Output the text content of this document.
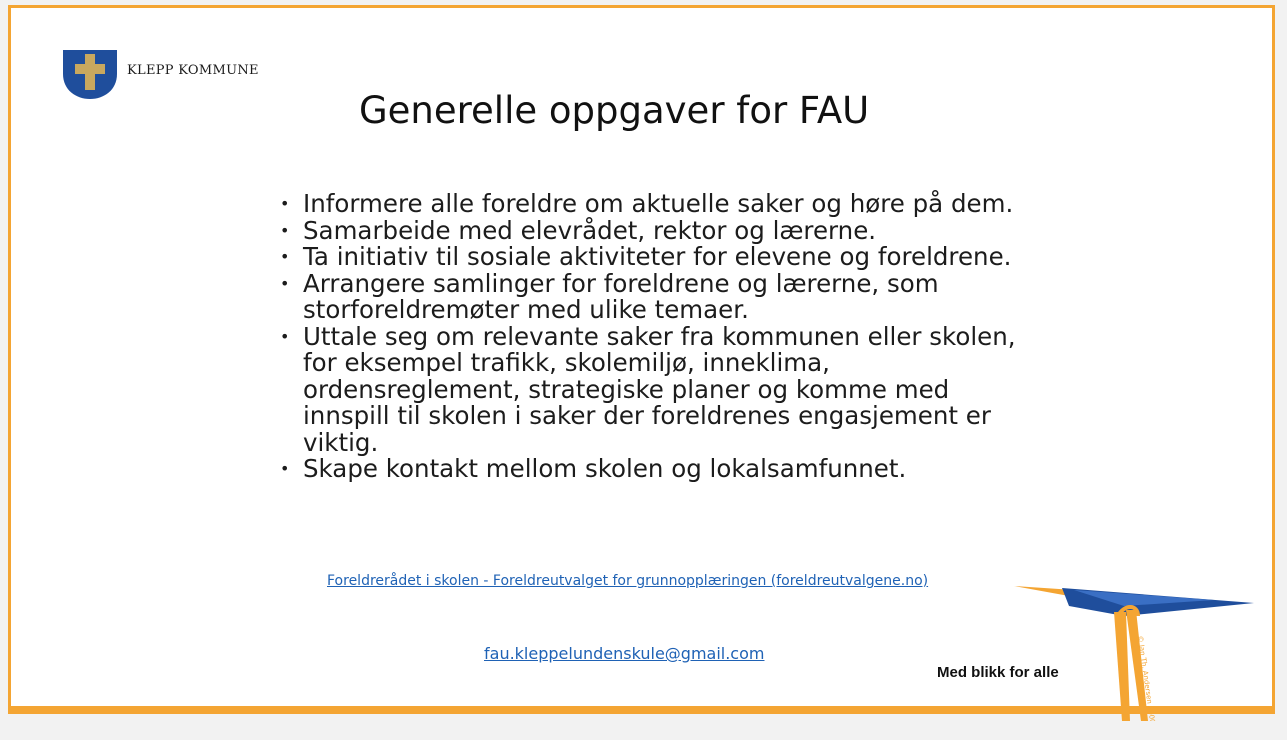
KLEPP KOMMUNE
Generelle oppgaver for FAU
• Informere alle foreldre om aktuelle saker og høre på dem.
• Samarbeide med elevrådet, rektor og lærerne.
• Ta initiativ til sosiale aktiviteter for elevene og foreldrene.
• Arrangere samlinger for foreldrene og lærerne, som storforeldremøter med ulike temaer.
• Uttale seg om relevante saker fra kommunen eller skolen, for eksempel trafikk, skolemiljø, inneklima, ordensreglement, strategiske planer og komme med innspill til skolen i saker der foreldrenes engasjement er viktig.
• Skape kontakt mellom skolen og lokalsamfunnet.
Foreldrerådet i skolen - Foreldreutvalget for grunnopplæringen (foreldreutvalgene.no)
fau.kleppelundenskule@gmail.com	© Jan Th. Andersen 2000
Med blikk for alle
